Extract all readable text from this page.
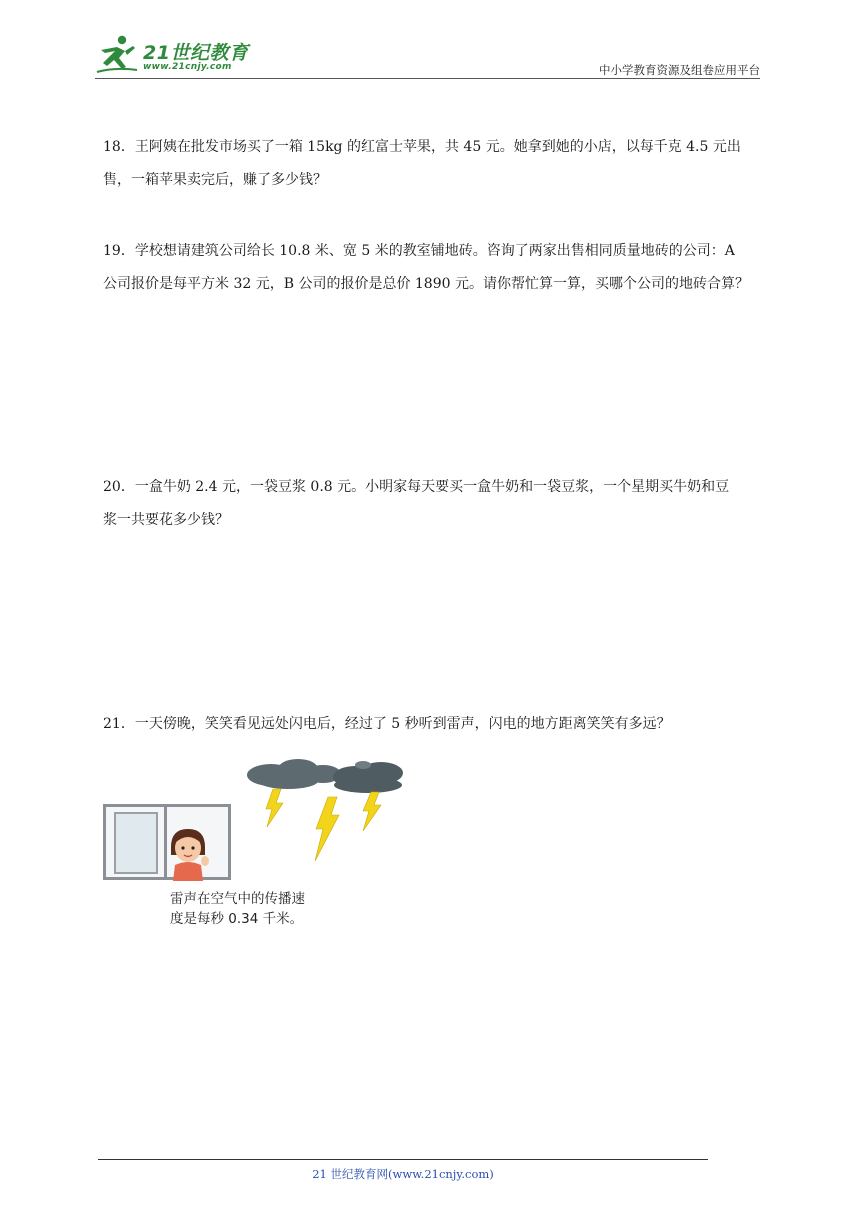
21世纪教育
www.21cnjy.com	中小学教育资源及组卷应用平台

18．王阿姨在批发市场买了一箱 15kg 的红富士苹果，共 45 元。她拿到她的小店，以每千克 4.5 元出

售，一箱苹果卖完后，赚了多少钱？

19．学校想请建筑公司给长 10.8 米、宽 5 米的教室铺地砖。咨询了两家出售相同质量地砖的公司：A

公司报价是每平方米 32 元，B 公司的报价是总价 1890 元。请你帮忙算一算，买哪个公司的地砖合算？

20．一盒牛奶 2.4 元，一袋豆浆 0.8 元。小明家每天要买一盒牛奶和一袋豆浆，一个星期买牛奶和豆

浆一共要花多少钱？

21．一天傍晚，笑笑看见远处闪电后，经过了 5 秒听到雷声，闪电的地方距离笑笑有多远？

雷声在空气中的传播速
度是每秒 0.34 千米。
21 世纪教育网(www.21cnjy.com)
